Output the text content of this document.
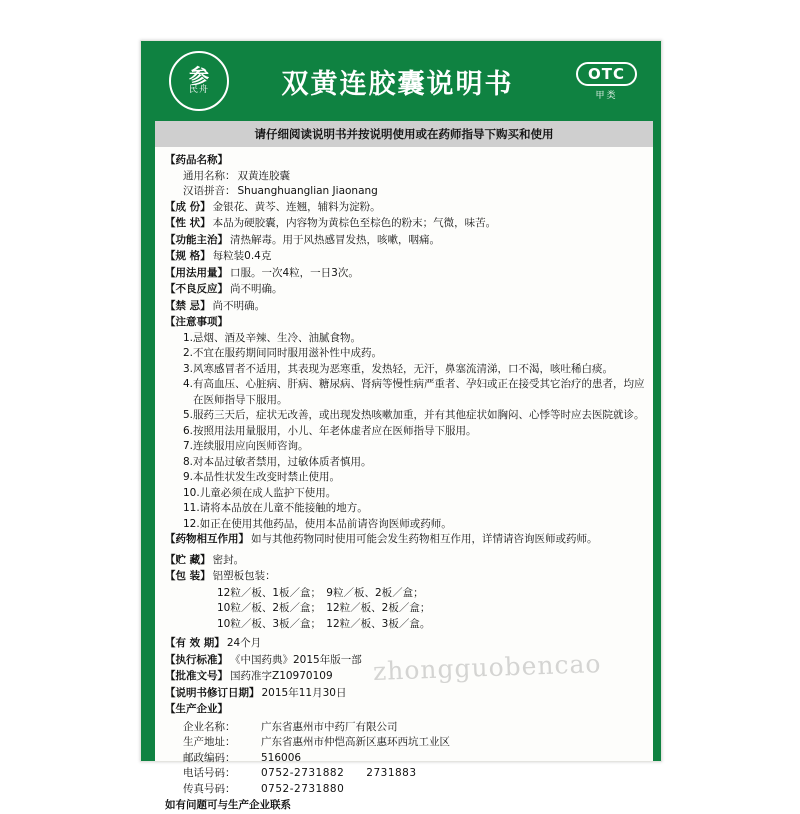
参
民舟	双黄连胶囊说明书	OTC
甲类
请仔细阅读说明书并按说明使用或在药师指导下购买和使用
【药品名称】
通用名称： 双黄连胶囊
汉语拼音： Shuanghuanglian Jiaonang
【成 份】 金银花、黄芩、连翘，辅料为淀粉。
【性 状】 本品为硬胶囊，内容物为黄棕色至棕色的粉末；气微，味苦。
【功能主治】 清热解毒。用于风热感冒发热，咳嗽，咽痛。
【规 格】 每粒装0.4克
【用法用量】 口服。一次4粒，一日3次。
【不良反应】 尚不明确。
【禁 忌】 尚不明确。
【注意事项】
1. 忌烟、酒及辛辣、生冷、油腻食物。
2. 不宜在服药期间同时服用滋补性中成药。
3. 风寒感冒者不适用，其表现为恶寒重，发热轻，无汗，鼻塞流清涕，口不渴，咳吐稀白痰。
4. 有高血压、心脏病、肝病、糖尿病、肾病等慢性病严重者、孕妇或正在接受其它治疗的患者，均应在医师指导下服用。
5. 服药三天后，症状无改善，或出现发热咳嗽加重，并有其他症状如胸闷、心悸等时应去医院就诊。
6. 按照用法用量服用，小儿、年老体虚者应在医师指导下服用。
7. 连续服用应向医师咨询。
8. 对本品过敏者禁用，过敏体质者慎用。
9. 本品性状发生改变时禁止使用。
10. 儿童必须在成人监护下使用。
11. 请将本品放在儿童不能接触的地方。
12. 如正在使用其他药品，使用本品前请咨询医师或药师。
【药物相互作用】 如与其他药物同时使用可能会发生药物相互作用，详情请咨询医师或药师。
【贮 藏】 密封。
【包 装】 铝塑板包装：
12粒／板、1板／盒；　9粒／板、2板／盒；
10粒／板、2板／盒；　12粒／板、2板／盒；
10粒／板、3板／盒；　12粒／板、3板／盒。
【有 效 期】 24个月
【执行标准】 《中国药典》2015年版一部
【批准文号】 国药准字Z10970109
【说明书修订日期】 2015年11月30日
【生产企业】
企业名称：	广东省惠州市中药厂有限公司
生产地址：	广东省惠州市仲恺高新区惠环西坑工业区
邮政编码：	516006
电话号码：	0752-2731882　　2731883
传真号码：	0752-2731880
如有问题可与生产企业联系
zhongguobencao
